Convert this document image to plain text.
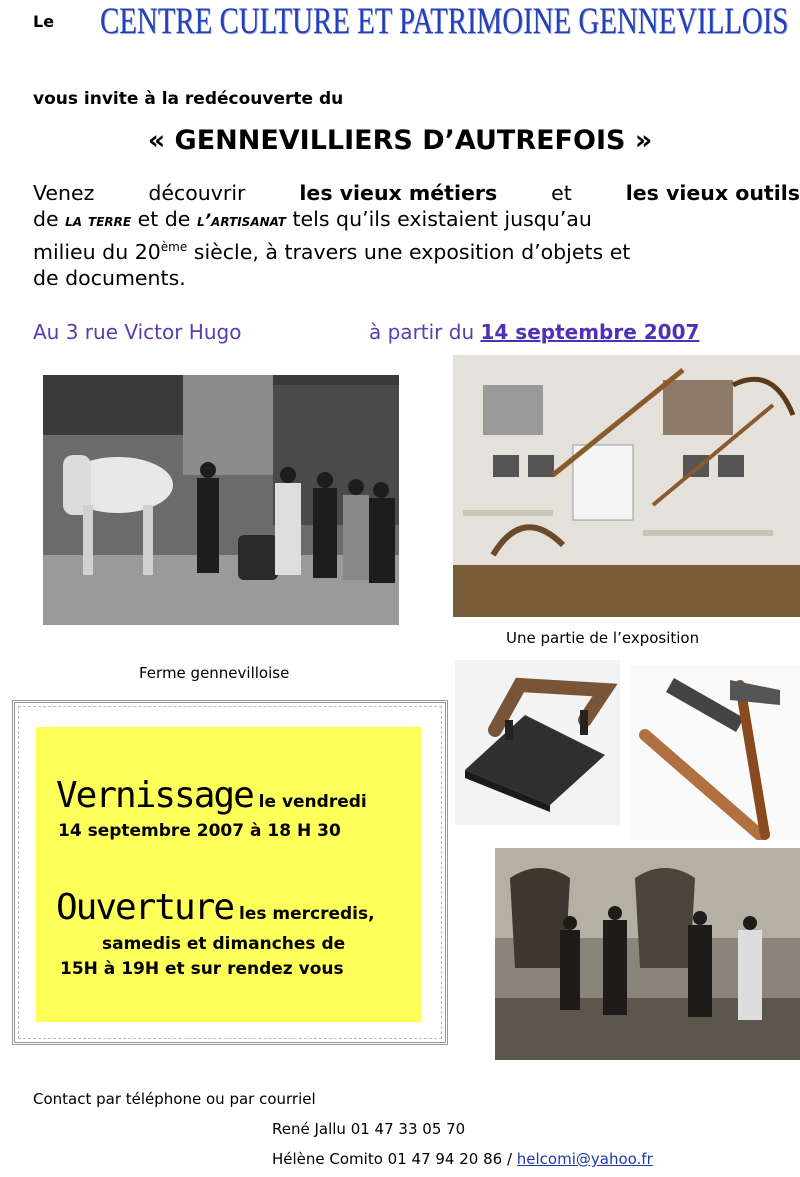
Le CENTRE CULTURE ET PATRIMOINE GENNEVILLOIS
vous invite à la redécouverte du
« GENNEVILLIERS D’AUTREFOIS »
Venez	découvrir	les vieux métiers	et	les vieux outils
de la terre et de l’artisanat tels qu’ils existaient jusqu’au
milieu du 20ème siècle, à travers une exposition d’objets et
de documents.
Au 3 rue Victor Hugo	à partir du 14 septembre 2007
Une partie de l’exposition
Ferme gennevilloise
Vernissage le vendredi
14 septembre 2007 à 18 H 30
Ouverture les mercredis,
samedis et dimanches de
15H à 19H et sur rendez vous
Contact par téléphone ou par courriel
René Jallu 01 47 33 05 70
Hélène Comito 01 47 94 20 86 / helcomi@yahoo.fr
